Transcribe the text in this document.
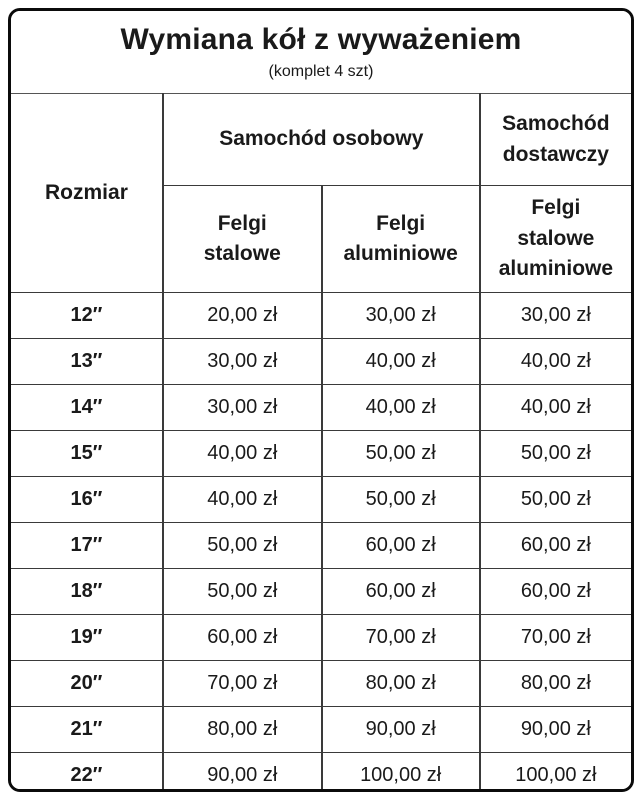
Wymiana kół z wyważeniem
(komplet 4 szt)			

Rozmiar	Samochód osobowy		Samochód dostawczy
	Felgi stalowe	Felgi aluminiowe	Felgi stalowe aluminiowe
12″	20,00 zł	30,00 zł	30,00 zł
13″	30,00 zł	40,00 zł	40,00 zł
14″	30,00 zł	40,00 zł	40,00 zł
15″	40,00 zł	50,00 zł	50,00 zł
16″	40,00 zł	50,00 zł	50,00 zł
17″	50,00 zł	60,00 zł	60,00 zł
18″	50,00 zł	60,00 zł	60,00 zł
19″	60,00 zł	70,00 zł	70,00 zł
20″	70,00 zł	80,00 zł	80,00 zł
21″	80,00 zł	90,00 zł	90,00 zł
22″	90,00 zł	100,00 zł	100,00 zł
